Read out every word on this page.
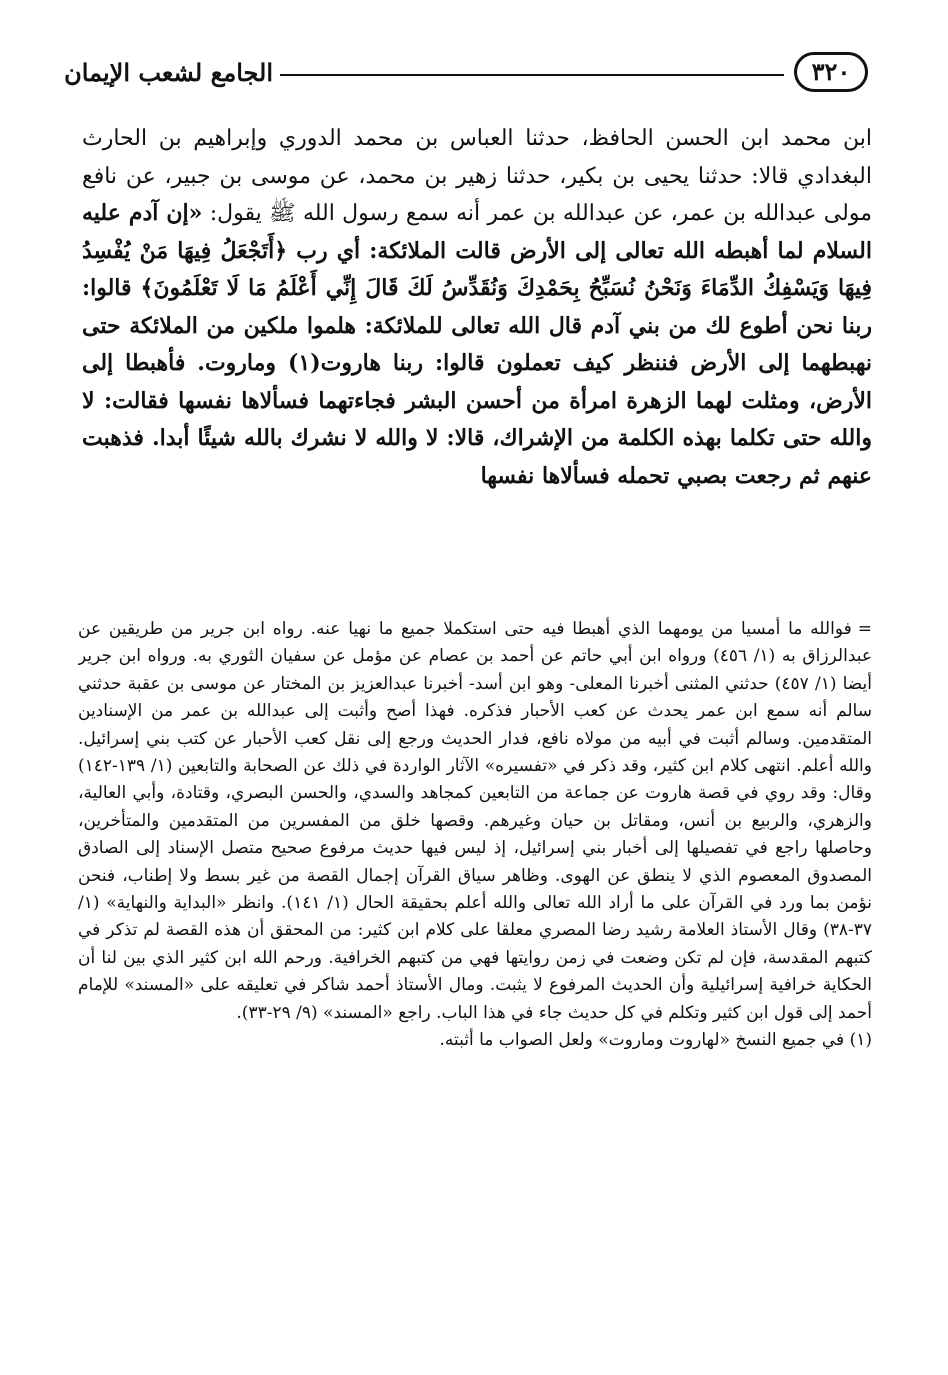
٣٢٠
الجامع لشعب الإيمان

ابن محمد ابن الحسن الحافظ، حدثنا العباس بن محمد الدوري وإبراهيم بن الحارث البغدادي قالا: حدثنا يحيى بن بكير، حدثنا زهير بن محمد، عن موسى بن جبير، عن نافع مولى عبدالله بن عمر، عن عبدالله بن عمر أنه سمع رسول الله ﷺ يقول: «إن آدم عليه السلام لما أهبطه الله تعالى إلى الأرض قالت الملائكة: أي رب ﴿أَتَجْعَلُ فِيهَا مَنْ يُفْسِدُ فِيهَا وَيَسْفِكُ الدِّمَاءَ وَنَحْنُ نُسَبِّحُ بِحَمْدِكَ وَنُقَدِّسُ لَكَ قَالَ إِنِّي أَعْلَمُ مَا لَا تَعْلَمُونَ﴾ قالوا: ربنا نحن أطوع لك من بني آدم قال الله تعالى للملائكة: هلموا ملكين من الملائكة حتى نهبطهما إلى الأرض فننظر كيف تعملون قالوا: ربنا هاروت(١) وماروت. فأهبطا إلى الأرض، ومثلت لهما الزهرة امرأة من أحسن البشر فجاءتهما فسألاها نفسها فقالت: لا والله حتى تكلما بهذه الكلمة من الإشراك، قالا: لا والله لا نشرك بالله شيئًا أبدا. فذهبت عنهم ثم رجعت بصبي تحمله فسألاها نفسها

=فوالله ما أمسيا من يومهما الذي أهبطا فيه حتى استكملا جميع ما نهيا عنه. رواه ابن جرير من طريقين عن عبدالرزاق به (١/ ٤٥٦) ورواه ابن أبي حاتم عن أحمد بن عصام عن مؤمل عن سفيان الثوري به. ورواه ابن جرير أيضا (١/ ٤٥٧) حدثني المثنى أخبرنا المعلى- وهو ابن أسد- أخبرنا عبدالعزيز بن المختار عن موسى بن عقبة حدثني سالم أنه سمع ابن عمر يحدث عن كعب الأحبار فذكره. فهذا أصح وأثبت إلى عبدالله بن عمر من الإسنادين المتقدمين. وسالم أثبت في أبيه من مولاه نافع، فدار الحديث ورجع إلى نقل كعب الأحبار عن كتب بني إسرائيل. والله أعلم. انتهى كلام ابن كثير، وقد ذكر في «تفسيره» الآثار الواردة في ذلك عن الصحابة والتابعين (١/ ١٣٩-١٤٢) وقال: وقد روي في قصة هاروت عن جماعة من التابعين كمجاهد والسدي، والحسن البصري، وقتادة، وأبي العالية، والزهري، والربيع بن أنس، ومقاتل بن حيان وغيرهم. وقصها خلق من المفسرين من المتقدمين والمتأخرين، وحاصلها راجع في تفصيلها إلى أخبار بني إسرائيل، إذ ليس فيها حديث مرفوع صحيح متصل الإسناد إلى الصادق المصدوق المعصوم الذي لا ينطق عن الهوى. وظاهر سياق القرآن إجمال القصة من غير بسط ولا إطناب، فنحن نؤمن بما ورد في القرآن على ما أراد الله تعالى والله أعلم بحقيقة الحال (١/ ١٤١). وانظر «البداية والنهاية» (١/ ٣٧-٣٨) وقال الأستاذ العلامة رشيد رضا المصري معلقا على كلام ابن كثير: من المحقق أن هذه القصة لم تذكر في كتبهم المقدسة، فإن لم تكن وضعت في زمن روايتها فهي من كتبهم الخرافية. ورحم الله ابن كثير الذي بين لنا أن الحكاية خرافية إسرائيلية وأن الحديث المرفوع لا يثبت. ومال الأستاذ أحمد شاكر في تعليقه على «المسند» للإمام أحمد إلى قول ابن كثير وتكلم في كل حديث جاء في هذا الباب. راجع «المسند» (٩/ ٢٩-٣٣).

(١) في جميع النسخ «لهاروت وماروت» ولعل الصواب ما أثبته.
